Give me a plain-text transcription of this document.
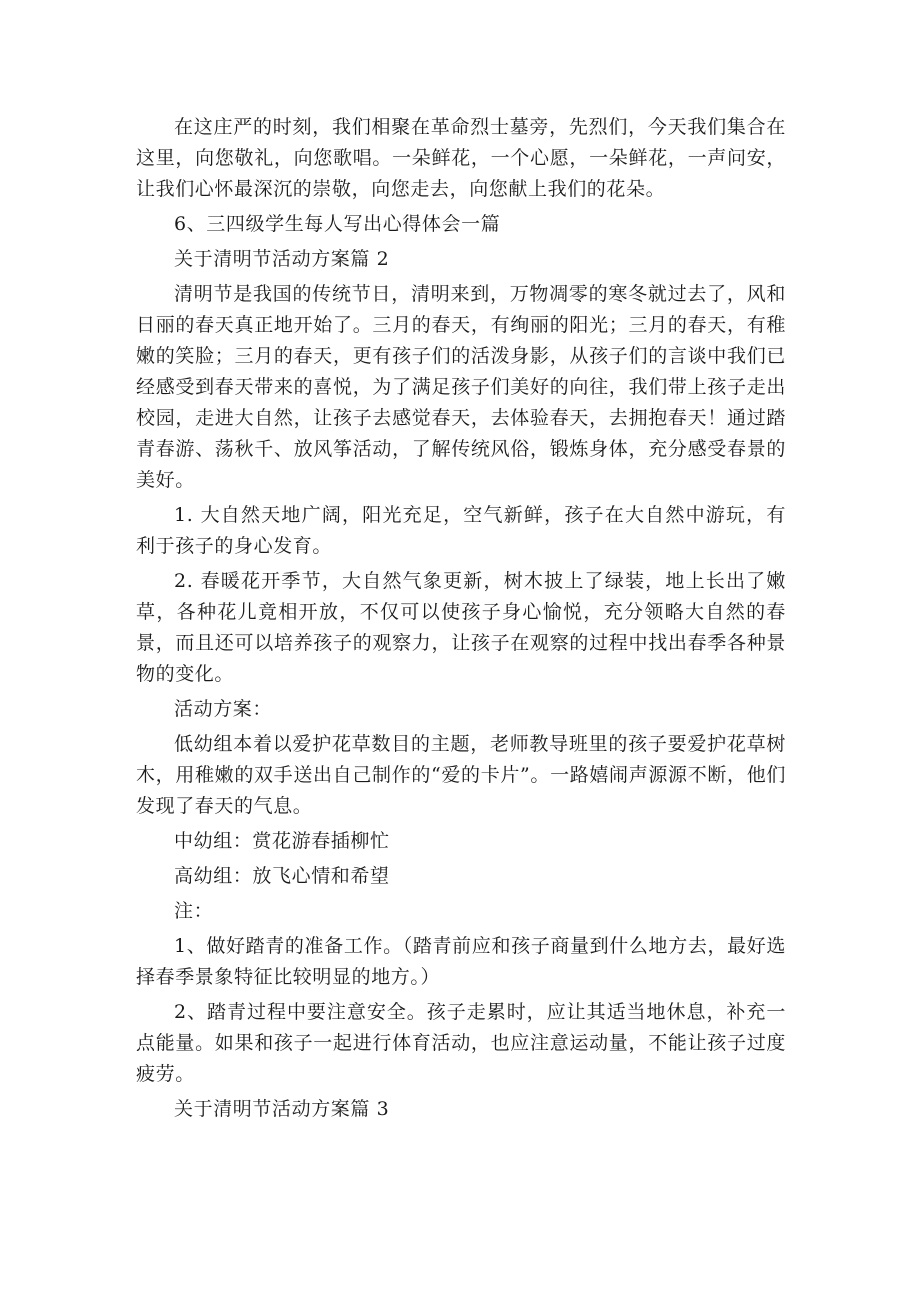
在这庄严的时刻，我们相聚在革命烈士墓旁，先烈们，今天我们集合在这里，向您敬礼，向您歌唱。一朵鲜花，一个心愿，一朵鲜花，一声问安，让我们心怀最深沉的崇敬，向您走去，向您献上我们的花朵。

6、三四级学生每人写出心得体会一篇

关于清明节活动方案篇 2

清明节是我国的传统节日，清明来到，万物凋零的寒冬就过去了，风和日丽的春天真正地开始了。三月的春天，有绚丽的阳光；三月的春天，有稚嫩的笑脸；三月的春天，更有孩子们的活泼身影，从孩子们的言谈中我们已经感受到春天带来的喜悦，为了满足孩子们美好的向往，我们带上孩子走出校园，走进大自然，让孩子去感觉春天，去体验春天，去拥抱春天！通过踏青春游、荡秋千、放风筝活动，了解传统风俗，锻炼身体，充分感受春景的美好。

1. 大自然天地广阔，阳光充足，空气新鲜，孩子在大自然中游玩，有利于孩子的身心发育。

2. 春暖花开季节，大自然气象更新，树木披上了绿装，地上长出了嫩草，各种花儿竟相开放，不仅可以使孩子身心愉悦，充分领略大自然的春景，而且还可以培养孩子的观察力，让孩子在观察的过程中找出春季各种景物的变化。

活动方案：

低幼组本着以爱护花草数目的主题，老师教导班里的孩子要爱护花草树木，用稚嫩的双手送出自己制作的“爱的卡片”。一路嬉闹声源源不断，他们发现了春天的气息。

中幼组：赏花游春插柳忙

高幼组：放飞心情和希望

注：

1、做好踏青的准备工作。（踏青前应和孩子商量到什么地方去，最好选择春季景象特征比较明显的地方。）

2、踏青过程中要注意安全。孩子走累时，应让其适当地休息，补充一点能量。如果和孩子一起进行体育活动，也应注意运动量，不能让孩子过度疲劳。

关于清明节活动方案篇 3
